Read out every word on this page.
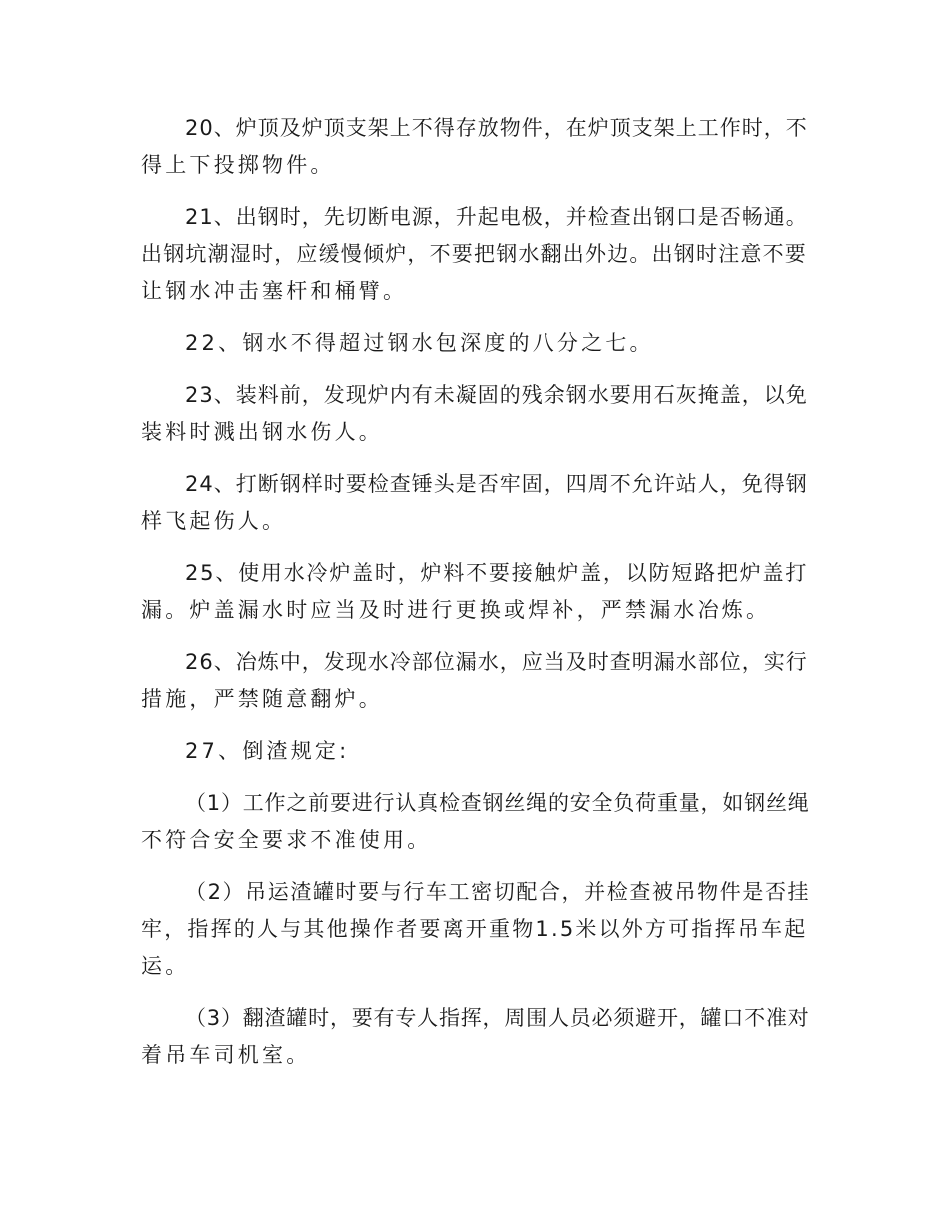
20、炉顶及炉顶支架上不得存放物件，在炉顶支架上工作时，不
得上下投掷物件。
21、出钢时，先切断电源，升起电极，并检查出钢口是否畅通。
出钢坑潮湿时，应缓慢倾炉，不要把钢水翻出外边。出钢时注意不要
让钢水冲击塞杆和桶臂。
22、钢水不得超过钢水包深度的八分之七。
23、装料前，发现炉内有未凝固的残余钢水要用石灰掩盖，以免
装料时溅出钢水伤人。
24、打断钢样时要检查锤头是否牢固，四周不允许站人，免得钢
样飞起伤人。
25、使用水冷炉盖时，炉料不要接触炉盖，以防短路把炉盖打
漏。炉盖漏水时应当及时进行更换或焊补，严禁漏水冶炼。
26、冶炼中，发现水冷部位漏水，应当及时查明漏水部位，实行
措施，严禁随意翻炉。
27、倒渣规定:
（1）工作之前要进行认真检查钢丝绳的安全负荷重量，如钢丝绳
不符合安全要求不准使用。
（2）吊运渣罐时要与行车工密切配合，并检查被吊物件是否挂
牢，指挥的人与其他操作者要离开重物1.5米以外方可指挥吊车起
运。
（3）翻渣罐时，要有专人指挥，周围人员必须避开，罐口不准对
着吊车司机室。
